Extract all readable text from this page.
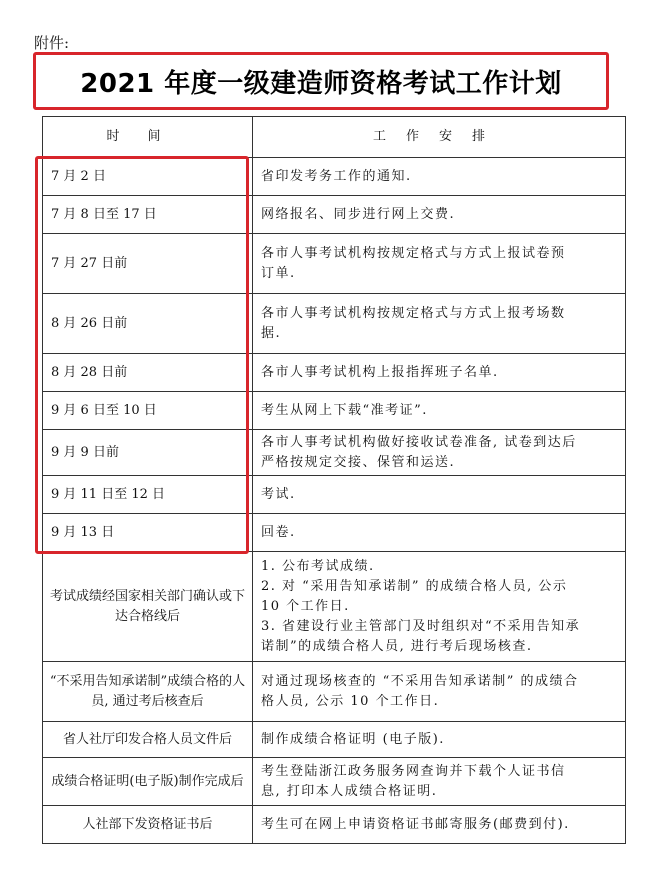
附件:
2021 年度一级建造师资格考试工作计划
时间	工作安排
7 月 2 日	省印发考务工作的通知.

7 月 8 日至 17 日	网络报名、同步进行网上交费.

7 月 27 日前	各市人事考试机构按规定格式与方式上报试卷预
订单.

8 月 26 日前	各市人事考试机构按规定格式与方式上报考场数
据.

8 月 28 日前	各市人事考试机构上报指挥班子名单.

9 月 6 日至 10 日	考生从网上下载“准考证”.

9 月 9 日前	各市人事考试机构做好接收试卷准备, 试卷到达后
严格按规定交接、保管和运送.

9 月 11 日至 12 日	考试.

9 月 13 日	回卷.

考试成绩经国家相关部门确认或下达合格线后	1. 公布考试成绩.
2. 对 “采用告知承诺制” 的成绩合格人员, 公示
10 个工作日.
3. 省建设行业主管部门及时组织对“不采用告知承
诺制”的成绩合格人员, 进行考后现场核查.

“不采用告知承诺制”成绩合格的人员, 通过考后核查后	对通过现场核查的 “不采用告知承诺制” 的成绩合
格人员, 公示 10 个工作日.

省人社厅印发合格人员文件后	制作成绩合格证明 (电子版).

成绩合格证明(电子版)制作完成后	考生登陆浙江政务服务网查询并下载个人证书信
息, 打印本人成绩合格证明.

人社部下发资格证书后	考生可在网上申请资格证书邮寄服务(邮费到付).
